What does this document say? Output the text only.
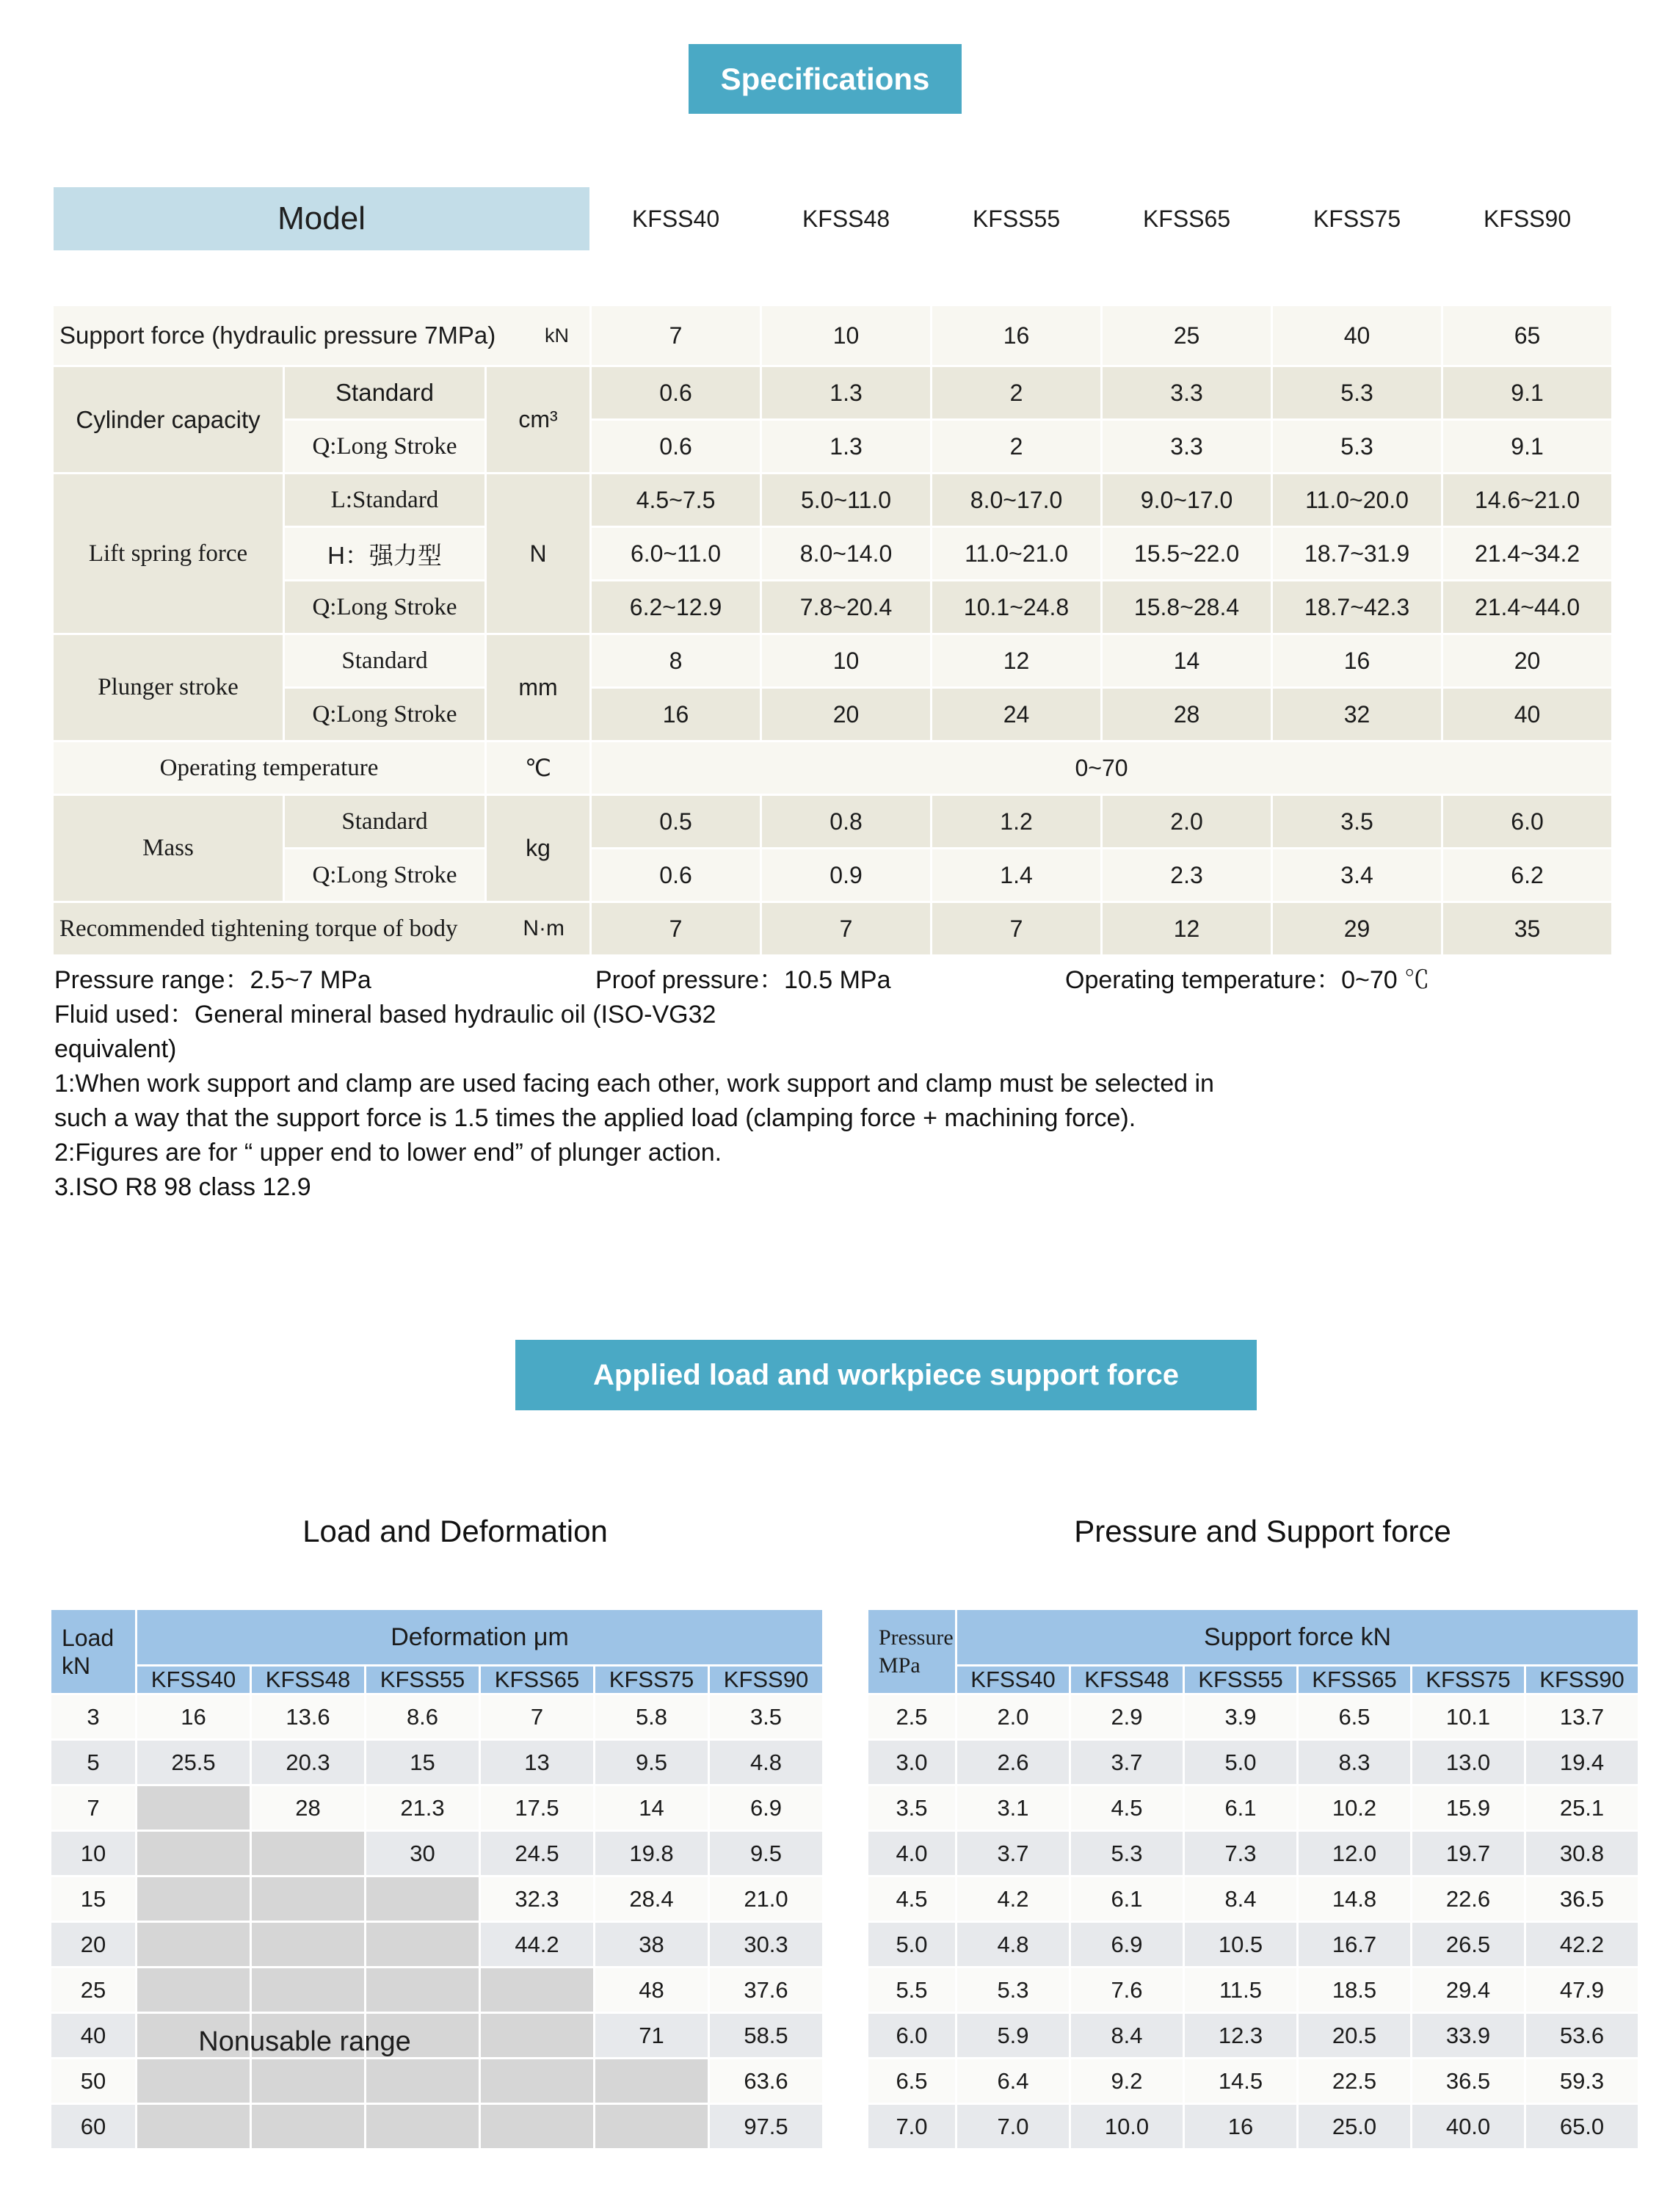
Specifications
Model			KFSS40	KFSS48	KFSS55	KFSS65	KFSS75	KFSS90

Support force (hydraulic pressure 7MPa) kN			7	10	16	25	40	65
Cylinder capacity	Standard	cm³	0.6	1.3	2	3.3	5.3	9.1
	Q:Long Stroke		0.6	1.3	2	3.3	5.3	9.1
Lift spring force	L:Standard	N	4.5~7.5	5.0~11.0	8.0~17.0	9.0~17.0	11.0~20.0	14.6~21.0
	H：强力型		6.0~11.0	8.0~14.0	11.0~21.0	15.5~22.0	18.7~31.9	21.4~34.2
	Q:Long Stroke		6.2~12.9	7.8~20.4	10.1~24.8	15.8~28.4	18.7~42.3	21.4~44.0
Plunger stroke	Standard	mm	8	10	12	14	16	20
	Q:Long Stroke		16	20	24	28	32	40
Operating temperature		℃	0~70					
Mass	Standard	kg	0.5	0.8	1.2	2.0	3.5	6.0
	Q:Long Stroke		0.6	0.9	1.4	2.3	3.4	6.2

Recommended tightening torque of body N·m			7	7	7	12	29	35
Pressure range：2.5~7 MPa	Proof pressure：10.5 MPa	Operating temperature：0~70 ℃
Fluid used：General mineral based hydraulic oil (ISO-VG32
equivalent)
1:When work support and clamp are used facing each other, work support and clamp must be selected in
such a way that the support force is 1.5 times the applied load (clamping force + machining force).
2:Figures are for “ upper end to lower end” of plunger action.
3.ISO R8 98 class 12.9
Applied load and workpiece support force
Load and Deformation	Pressure and Support force
Load
kN	Deformation μm					
	KFSS40	KFSS48	KFSS55	KFSS65	KFSS75	KFSS90
3	16	13.6	8.6	7	5.8	3.5
5	25.5	20.3	15	13	9.5	4.8
7		28	21.3	17.5	14	6.9
10			30	24.5	19.8	9.5
15				32.3	28.4	21.0
20				44.2	38	30.3
25					48	37.6
40					71	58.5
50						63.6
60						97.5
Nonusable range
Pressure
MPa	Support force kN					
	KFSS40	KFSS48	KFSS55	KFSS65	KFSS75	KFSS90
2.5	2.0	2.9	3.9	6.5	10.1	13.7
3.0	2.6	3.7	5.0	8.3	13.0	19.4
3.5	3.1	4.5	6.1	10.2	15.9	25.1
4.0	3.7	5.3	7.3	12.0	19.7	30.8
4.5	4.2	6.1	8.4	14.8	22.6	36.5
5.0	4.8	6.9	10.5	16.7	26.5	42.2
5.5	5.3	7.6	11.5	18.5	29.4	47.9
6.0	5.9	8.4	12.3	20.5	33.9	53.6
6.5	6.4	9.2	14.5	22.5	36.5	59.3
7.0	7.0	10.0	16	25.0	40.0	65.0
